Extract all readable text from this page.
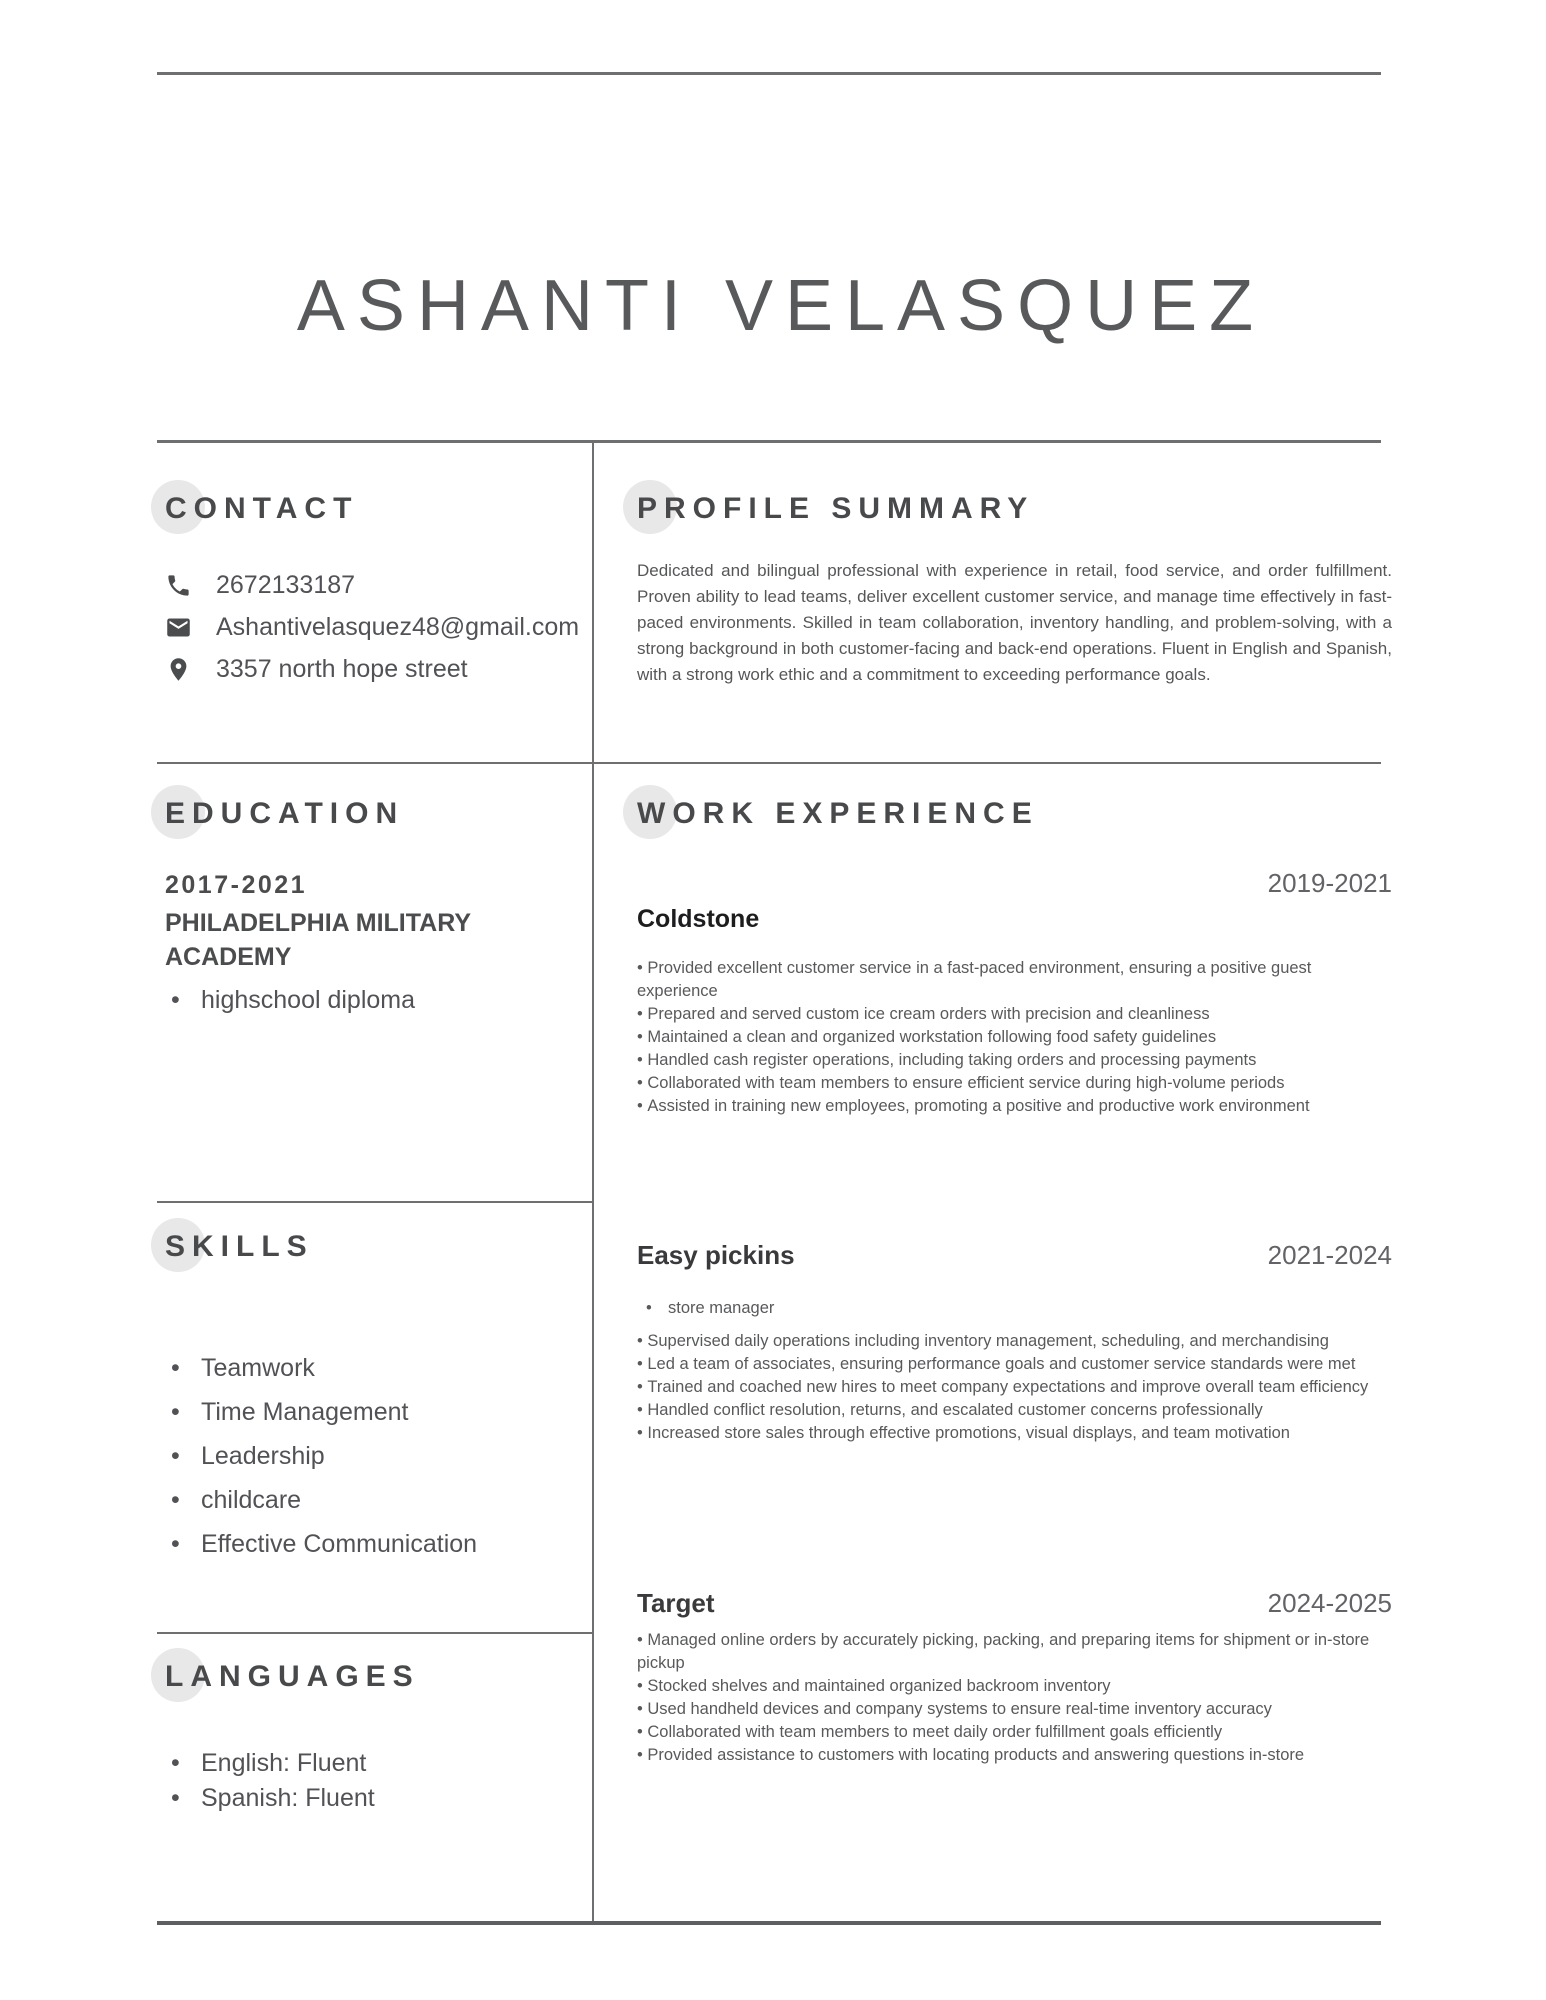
ASHANTI VELASQUEZ
CONTACT
2672133187
Ashantivelasquez48@gmail.com
3357 north hope street
PROFILE SUMMARY

Dedicated and bilingual professional with experience in retail, food service, and order fulfillment. Proven ability to lead teams, deliver excellent customer service, and manage time effectively in fast-paced environments. Skilled in team collaboration, inventory handling, and problem-solving, with a strong background in both customer-facing and back-end operations. Fluent in English and Spanish, with a strong work ethic and a commitment to exceeding performance goals.

EDUCATION
2017-2021
PHILADELPHIA MILITARY ACADEMY
• highschool diploma
WORK EXPERIENCE
2019-2021
Coldstone

• Provided excellent customer service in a fast-paced environment, ensuring a positive guest experience

• Prepared and served custom ice cream orders with precision and cleanliness

• Maintained a clean and organized workstation following food safety guidelines

• Handled cash register operations, including taking orders and processing payments

• Collaborated with team members to ensure efficient service during high-volume periods

• Assisted in training new employees, promoting a positive and productive work environment

SKILLS
• Teamwork
• Time Management
• Leadership
• childcare
• Effective Communication
Easy pickins	2021-2024
• store manager

• Supervised daily operations including inventory management, scheduling, and merchandising

• Led a team of associates, ensuring performance goals and customer service standards were met

• Trained and coached new hires to meet company expectations and improve overall team efficiency

• Handled conflict resolution, returns, and escalated customer concerns professionally

• Increased store sales through effective promotions, visual displays, and team motivation

LANGUAGES
• English: Fluent
• Spanish: Fluent
Target	2024-2025

• Managed online orders by accurately picking, packing, and preparing items for shipment or in-store pickup

• Stocked shelves and maintained organized backroom inventory

• Used handheld devices and company systems to ensure real-time inventory accuracy

• Collaborated with team members to meet daily order fulfillment goals efficiently

• Provided assistance to customers with locating products and answering questions in-store
